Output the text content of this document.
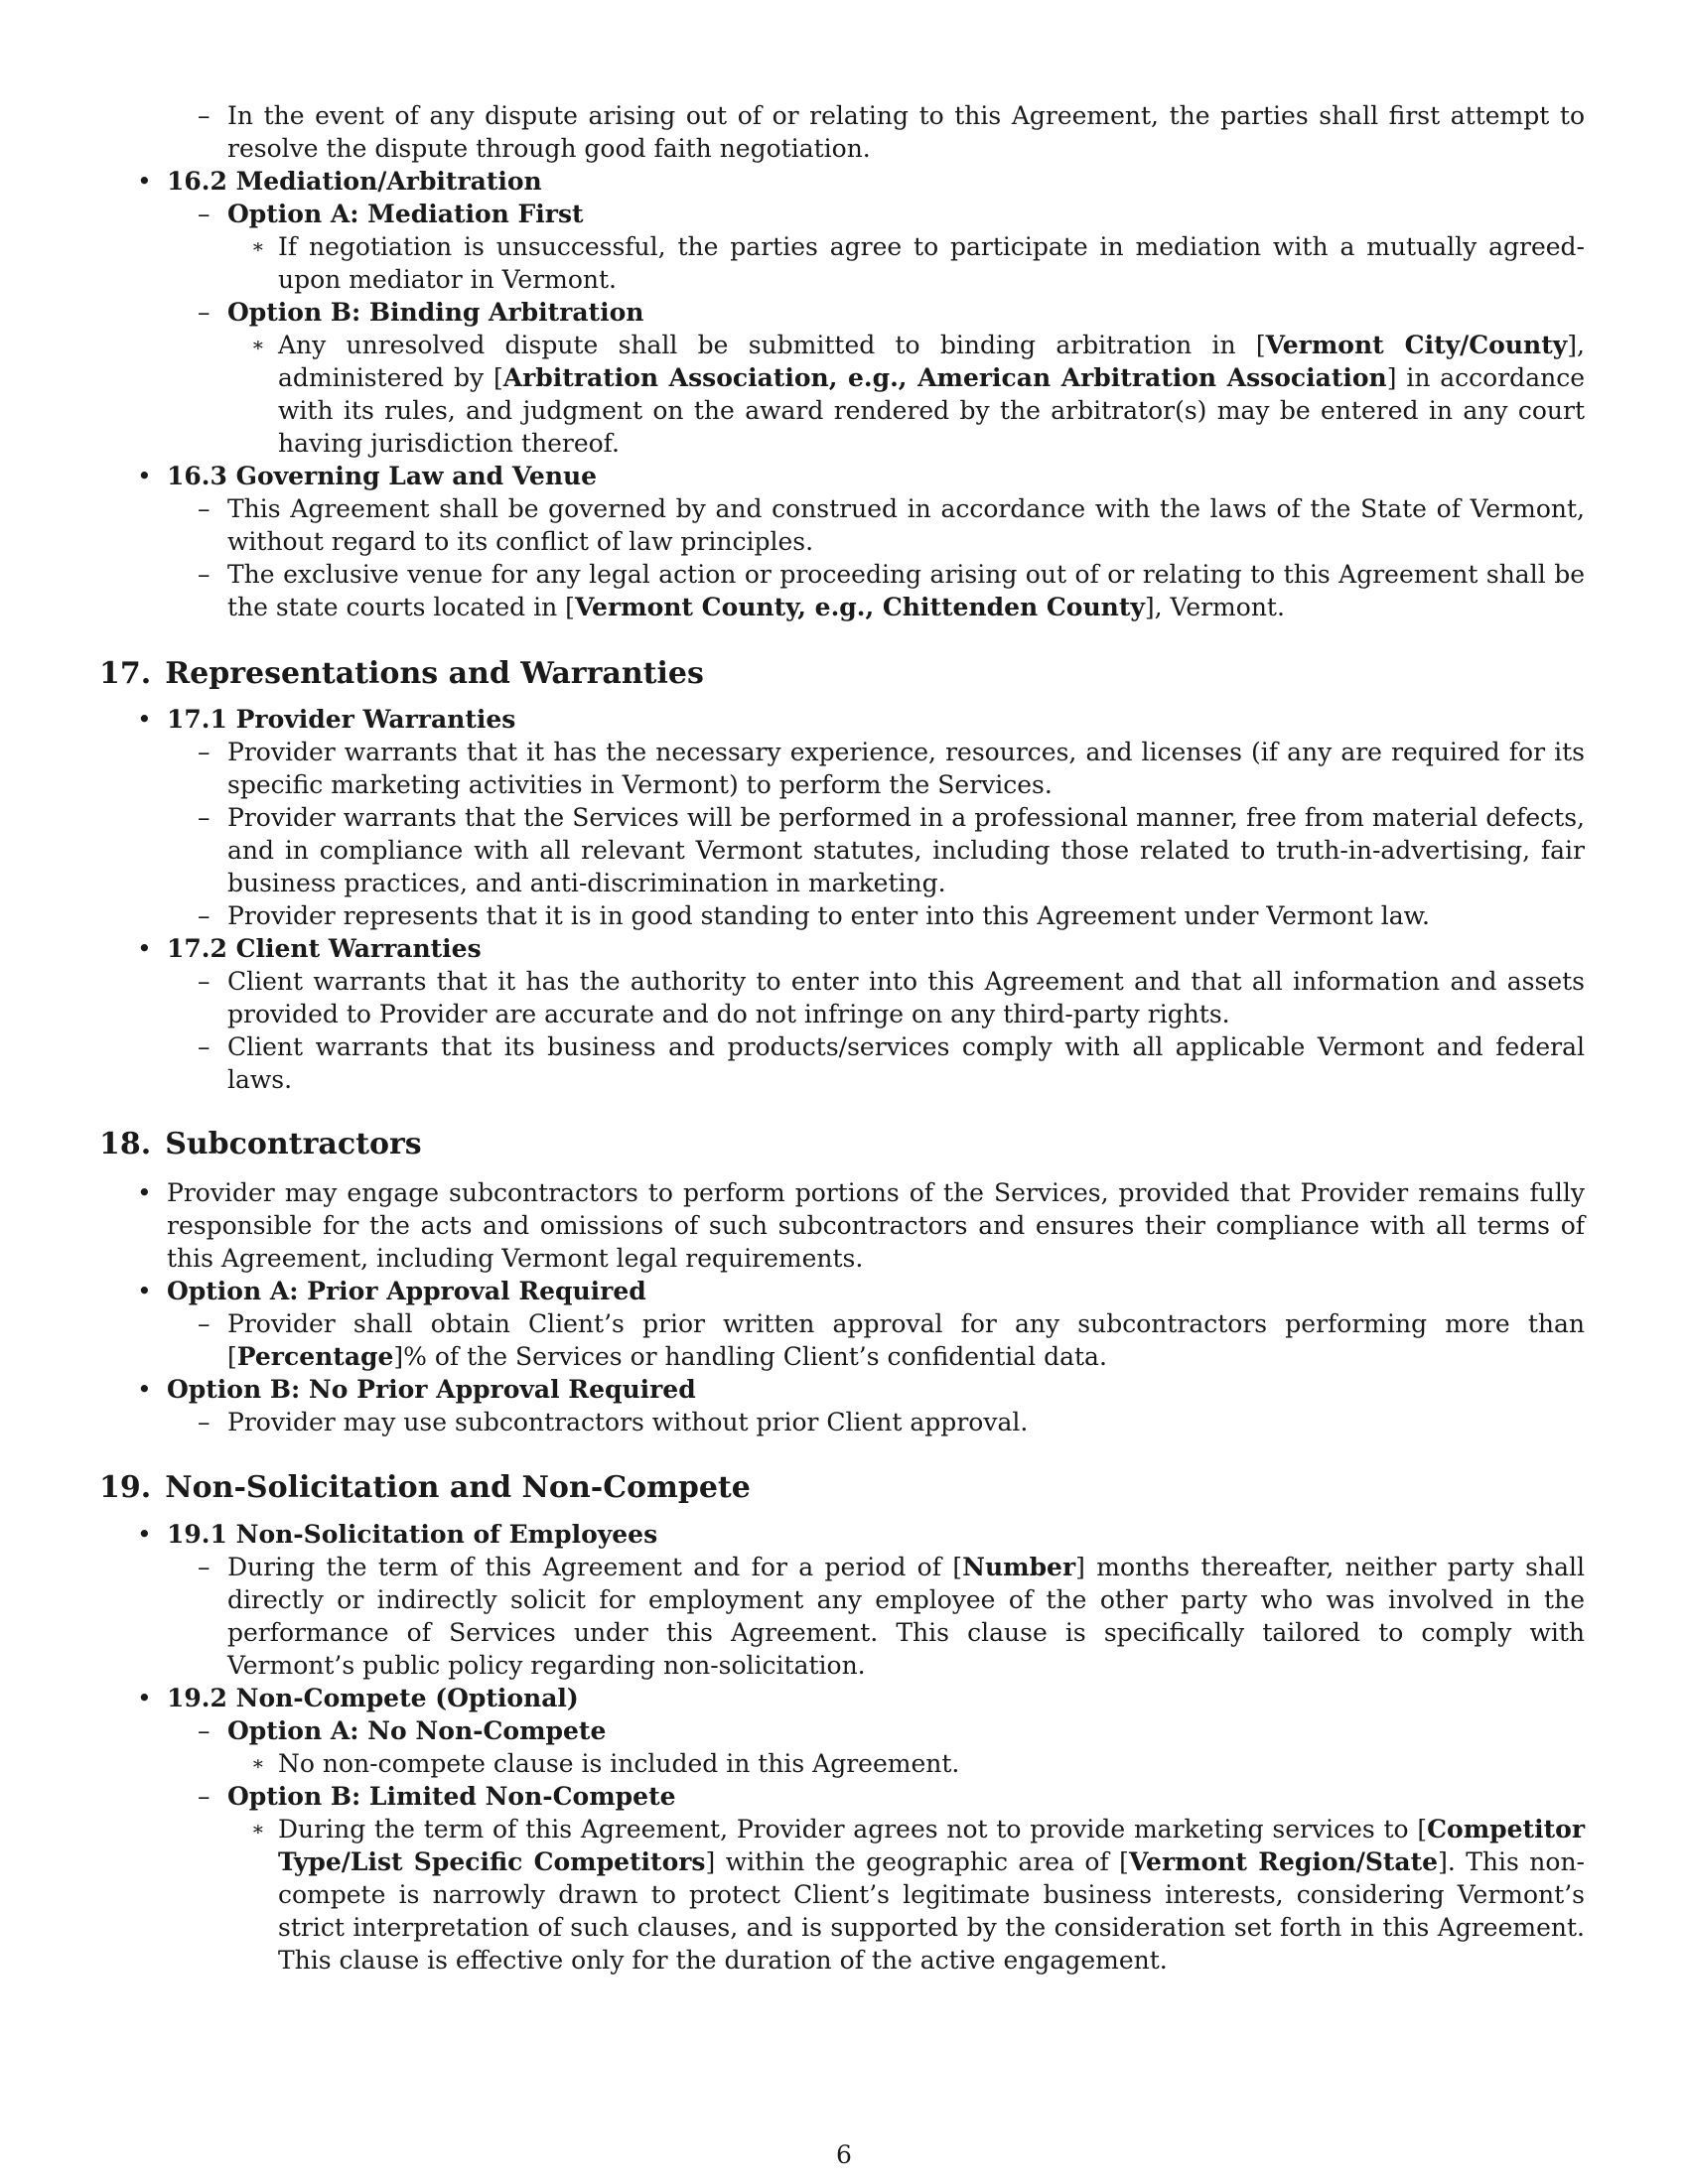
– In the event of any dispute arising out of or relating to this Agreement, the parties shall first attempt to resolve the dispute through good faith negotiation.
• 16.2 Mediation/Arbitration
– Option A: Mediation First
∗ If negotiation is unsuccessful, the parties agree to participate in mediation with a mutually agreed-upon mediator in Vermont.
– Option B: Binding Arbitration
∗ Any unresolved dispute shall be submitted to binding arbitration in [Vermont City/County], administered by [Arbitration Association, e.g., American Arbitration Association] in accordance with its rules, and judgment on the award rendered by the arbitrator(s) may be entered in any court having jurisdiction thereof.
• 16.3 Governing Law and Venue
– This Agreement shall be governed by and construed in accordance with the laws of the State of Vermont, without regard to its conflict of law principles.
– The exclusive venue for any legal action or proceeding arising out of or relating to this Agreement shall be the state courts located in [Vermont County, e.g., Chittenden County], Vermont.
17. Representations and Warranties
• 17.1 Provider Warranties
– Provider warrants that it has the necessary experience, resources, and licenses (if any are required for its specific marketing activities in Vermont) to perform the Services.
– Provider warrants that the Services will be performed in a professional manner, free from material defects, and in compliance with all relevant Vermont statutes, including those related to truth-in-advertising, fair business practices, and anti-discrimination in marketing.
– Provider represents that it is in good standing to enter into this Agreement under Vermont law.
• 17.2 Client Warranties
– Client warrants that it has the authority to enter into this Agreement and that all information and assets provided to Provider are accurate and do not infringe on any third-party rights.
– Client warrants that its business and products/services comply with all applicable Vermont and federal laws.
18. Subcontractors
• Provider may engage subcontractors to perform portions of the Services, provided that Provider remains fully responsible for the acts and omissions of such subcontractors and ensures their compliance with all terms of this Agreement, including Vermont legal requirements.
• Option A: Prior Approval Required
– Provider shall obtain Client’s prior written approval for any subcontractors performing more than [Percentage]% of the Services or handling Client’s confidential data.
• Option B: No Prior Approval Required
– Provider may use subcontractors without prior Client approval.
19. Non-Solicitation and Non-Compete
• 19.1 Non-Solicitation of Employees
– During the term of this Agreement and for a period of [Number] months thereafter, neither party shall directly or indirectly solicit for employment any employee of the other party who was involved in the performance of Services under this Agreement. This clause is specifically tailored to comply with Vermont’s public policy regarding non-solicitation.
• 19.2 Non-Compete (Optional)
– Option A: No Non-Compete
∗ No non-compete clause is included in this Agreement.
– Option B: Limited Non-Compete
∗ During the term of this Agreement, Provider agrees not to provide marketing services to [Competitor Type/List Specific Competitors] within the geographic area of [Vermont Region/State]. This non-compete is narrowly drawn to protect Client’s legitimate business interests, considering Vermont’s strict interpretation of such clauses, and is supported by the consideration set forth in this Agreement. This clause is effective only for the duration of the active engagement.
6
